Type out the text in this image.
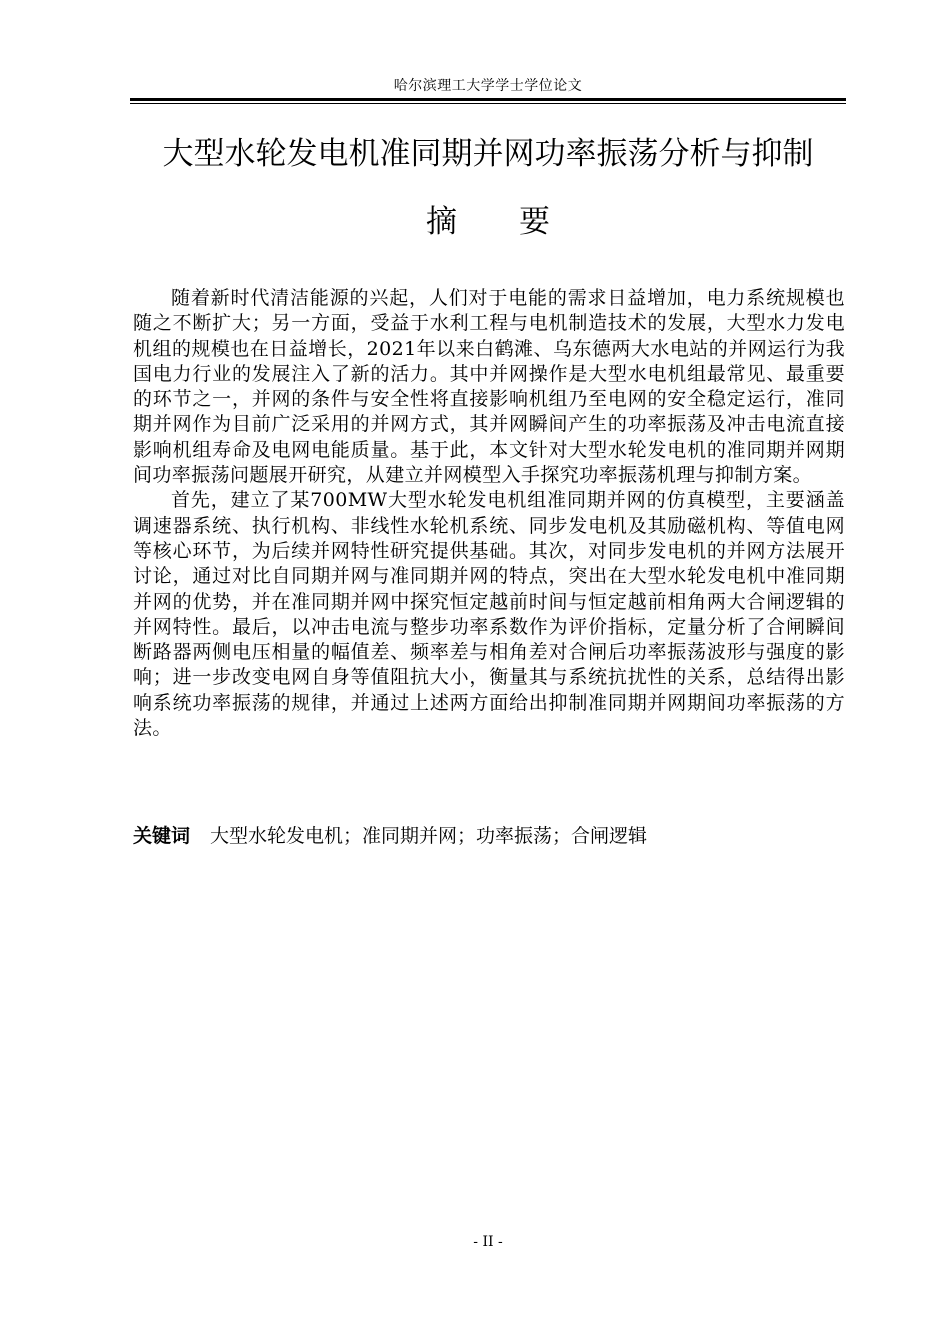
哈尔滨理工大学学士学位论文
大型水轮发电机准同期并网功率振荡分析与抑制
摘 要

随着新时代清洁能源的兴起，人们对于电能的需求日益增加，电力系统规模也随之不断扩大；另一方面，受益于水利工程与电机制造技术的发展，大型水力发电机组的规模也在日益增长，2021年以来白鹤滩、乌东德两大水电站的并网运行为我国电力行业的发展注入了新的活力。其中并网操作是大型水电机组最常见、最重要的环节之一，并网的条件与安全性将直接影响机组乃至电网的安全稳定运行，准同期并网作为目前广泛采用的并网方式，其并网瞬间产生的功率振荡及冲击电流直接影响机组寿命及电网电能质量。基于此，本文针对大型水轮发电机的准同期并网期间功率振荡问题展开研究，从建立并网模型入手探究功率振荡机理与抑制方案。

首先，建立了某700MW大型水轮发电机组准同期并网的仿真模型，主要涵盖调速器系统、执行机构、非线性水轮机系统、同步发电机及其励磁机构、等值电网等核心环节，为后续并网特性研究提供基础。其次，对同步发电机的并网方法展开讨论，通过对比自同期并网与准同期并网的特点，突出在大型水轮发电机中准同期并网的优势，并在准同期并网中探究恒定越前时间与恒定越前相角两大合闸逻辑的并网特性。最后，以冲击电流与整步功率系数作为评价指标，定量分析了合闸瞬间断路器两侧电压相量的幅值差、频率差与相角差对合闸后功率振荡波形与强度的影响；进一步改变电网自身等值阻抗大小，衡量其与系统抗扰性的关系，总结得出影响系统功率振荡的规律，并通过上述两方面给出抑制准同期并网期间功率振荡的方法。

关键词 大型水轮发电机；准同期并网；功率振荡；合闸逻辑
- II -
